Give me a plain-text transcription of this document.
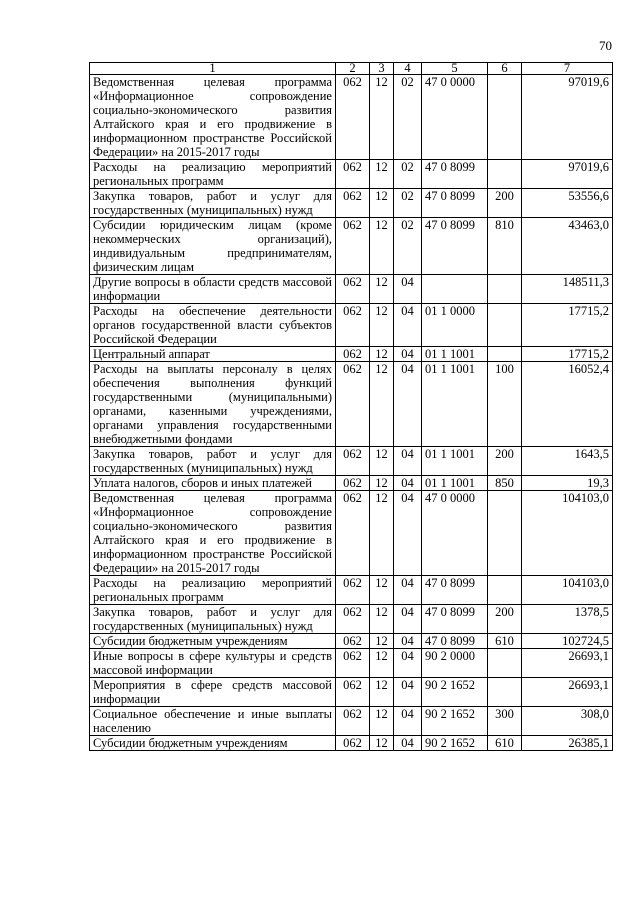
70
1	2	3	4	5	6	7
Ведомственная целевая программа «Информационное сопровождение социально-экономического развития Алтайского края и его продвижение в информационном пространстве Российской Федерации» на 2015-2017 годы	062	12	02	47 0 0000		97019,6
Расходы на реализацию мероприятий региональных программ	062	12	02	47 0 8099		97019,6
Закупка товаров, работ и услуг для государственных (муниципальных) нужд	062	12	02	47 0 8099	200	53556,6
Субсидии юридическим лицам (кроме некоммерческих организаций), индивидуальным предпринимателям, физическим лицам	062	12	02	47 0 8099	810	43463,0
Другие вопросы в области средств массовой информации	062	12	04			148511,3
Расходы на обеспечение деятельности органов государственной власти субъектов Российской Федерации	062	12	04	01 1 0000		17715,2
Центральный аппарат	062	12	04	01 1 1001		17715,2
Расходы на выплаты персоналу в целях обеспечения выполнения функций государственными (муниципальными) органами, казенными учреждениями, органами управления государственными внебюджетными фондами	062	12	04	01 1 1001	100	16052,4
Закупка товаров, работ и услуг для государственных (муниципальных) нужд	062	12	04	01 1 1001	200	1643,5
Уплата налогов, сборов и иных платежей	062	12	04	01 1 1001	850	19,3
Ведомственная целевая программа «Информационное сопровождение социально-экономического развития Алтайского края и его продвижение в информационном пространстве Российской Федерации» на 2015-2017 годы	062	12	04	47 0 0000		104103,0
Расходы на реализацию мероприятий региональных программ	062	12	04	47 0 8099		104103,0
Закупка товаров, работ и услуг для государственных (муниципальных) нужд	062	12	04	47 0 8099	200	1378,5
Субсидии бюджетным учреждениям	062	12	04	47 0 8099	610	102724,5
Иные вопросы в сфере культуры и средств массовой информации	062	12	04	90 2 0000		26693,1
Мероприятия в сфере средств массовой информации	062	12	04	90 2 1652		26693,1
Социальное обеспечение и иные выплаты населению	062	12	04	90 2 1652	300	308,0
Субсидии бюджетным учреждениям	062	12	04	90 2 1652	610	26385,1
